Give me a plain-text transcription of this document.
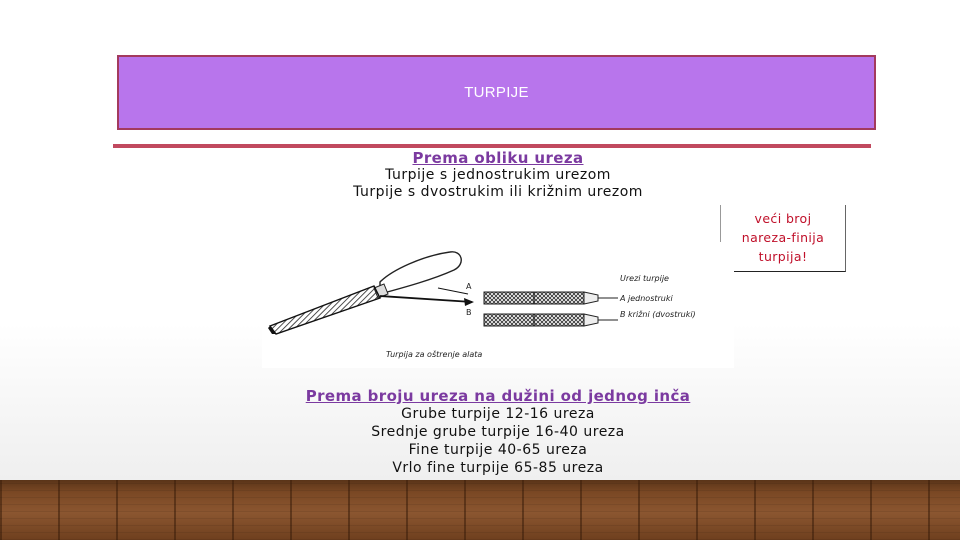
TURPIJE
Prema obliku ureza
Turpije s jednostrukim urezom
Turpije s dvostrukim ili križnim urezom
veći broj
nareza-finija
turpija!
A
B
Urezi turpije
A jednostruki
B križni (dvostruki)
Turpija za oštrenje alata
Prema broju ureza na dužini od jednog inča
Grube turpije 12-16 ureza
Srednje grube turpije 16-40 ureza
Fine turpije 40-65 ureza
Vrlo fine turpije 65-85 ureza
